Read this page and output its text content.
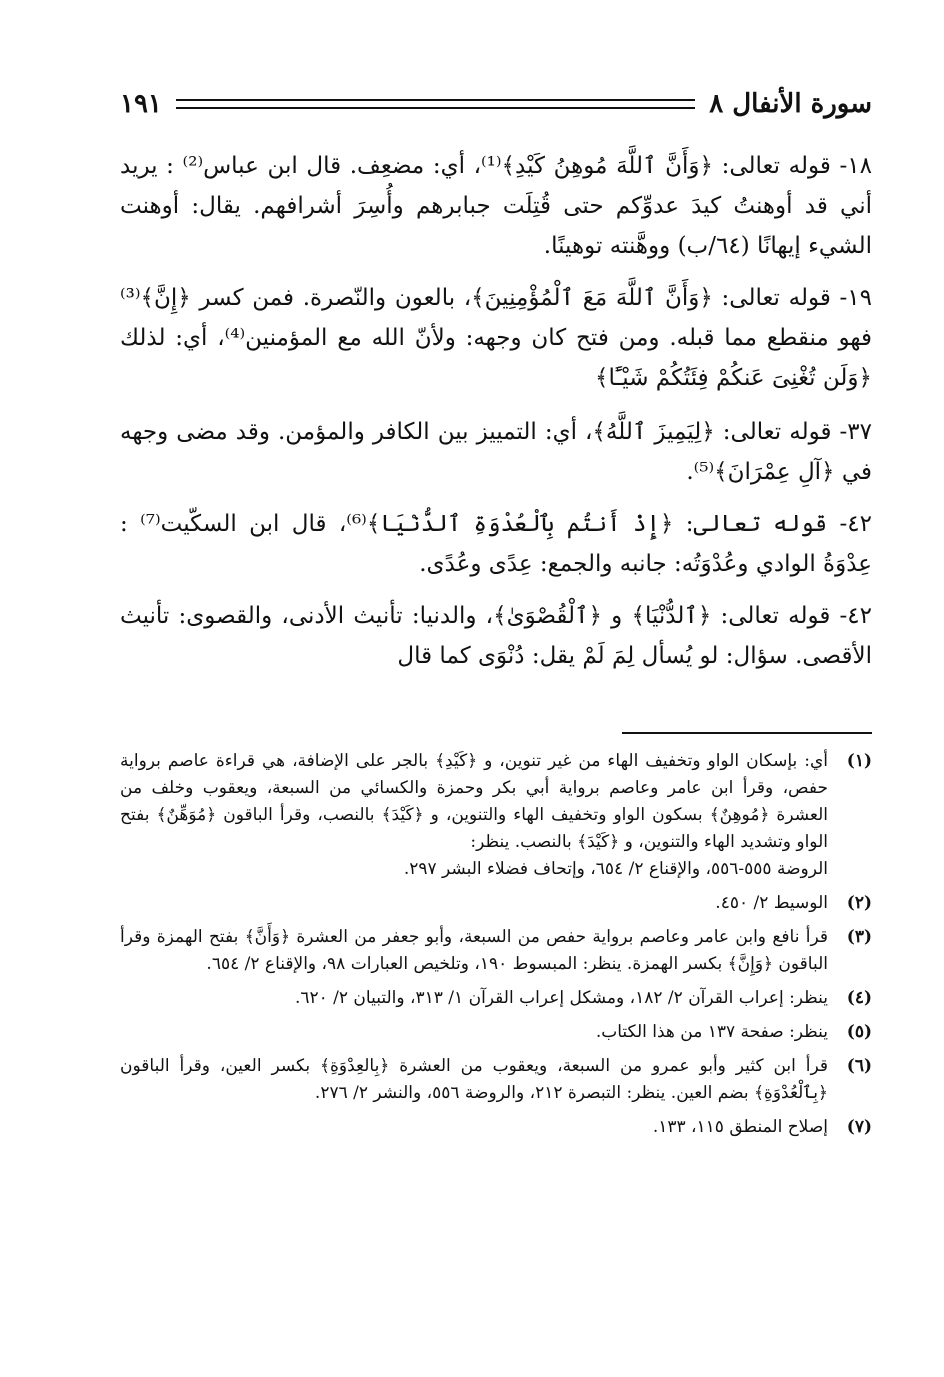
سورة الأنفال ٨
١٩١

١٨- قوله تعالى: ﴿وَأَنَّ ٱللَّهَ مُوهِنُ كَيْدِ﴾⁽¹⁾، أي: مضعِف. قال ابن عباس⁽²⁾ : يريد أني قد أوهنتُ كيدَ عدوِّكم حتى قُتِلَت جبابرهم وأُسِرَ أشرافهم. يقال: أوهنت الشيء إيهانًا (٦٤/ب) ووهَّنته توهينًا.

١٩- قوله تعالى: ﴿وَأَنَّ ٱللَّهَ مَعَ ٱلْمُؤْمِنِينَ﴾، بالعون والنّصرة. فمن كسر ﴿إِنَّ﴾⁽³⁾ فهو منقطع مما قبله. ومن فتح كان وجهه: ولأنّ الله مع المؤمنين⁽⁴⁾، أي: لذلك ﴿وَلَن تُغْنِىَ عَنكُمْ فِئَتُكُمْ شَيْـًٔا﴾

٣٧- قوله تعالى: ﴿لِيَمِيزَ ٱللَّهُ﴾، أي: التمييز بين الكافر والمؤمن. وقد مضى وجهه في ﴿آلِ عِمْرَانَ﴾⁽⁵⁾.

٤٢- قوله تعالى: ﴿إِذْ أَنتُم بِٱلْعُدْوَةِ ٱلدُّنْيَا﴾⁽⁶⁾، قال ابن السكّيت⁽⁷⁾ : عِدْوَةُ الوادي وعُدْوَتُه: جانبه والجمع: عِدًى وعُدًى.

٤٢- قوله تعالى: ﴿ٱلدُّنْيَا﴾ و ﴿ٱلْقُصْوَىٰ﴾، والدنيا: تأنيث الأدنى، والقصوى: تأنيث الأقصى. سؤال: لو يُسأل لِمَ لَمْ يقل: دُنْوَى كما قال

(١)
أي: بإسكان الواو وتخفيف الهاء من غير تنوين، و ﴿كَيْدِ﴾ بالجر على الإضافة، هي قراءة عاصم برواية حفص، وقرأ ابن عامر وعاصم برواية أبي بكر وحمزة والكسائي من السبعة، ويعقوب وخلف من العشرة ﴿مُوهِنٌ﴾ بسكون الواو وتخفيف الهاء والتنوين، و ﴿كَيْدَ﴾ بالنصب، وقرأ الباقون ﴿مُوَهِّنٌ﴾ بفتح الواو وتشديد الهاء والتنوين، و ﴿كَيْدَ﴾ بالنصب. ينظر:
الروضة ٥٥٥-٥٥٦، والإقناع ٢/ ٦٥٤، وإتحاف فضلاء البشر ٢٩٧.
(٢)
الوسيط ٢/ ٤٥٠.
(٣)
قرأ نافع وابن عامر وعاصم برواية حفص من السبعة، وأبو جعفر من العشرة ﴿وَأَنَّ﴾ بفتح الهمزة وقرأ الباقون ﴿وَإِنَّ﴾ بكسر الهمزة. ينظر: المبسوط ١٩٠، وتلخيص العبارات ٩٨، والإقناع ٢/ ٦٥٤.
(٤)
ينظر: إعراب القرآن ٢/ ١٨٢، ومشكل إعراب القرآن ١/ ٣١٣، والتبيان ٢/ ٦٢٠.
(٥)
ينظر: صفحة ١٣٧ من هذا الكتاب.
(٦)
قرأ ابن كثير وأبو عمرو من السبعة، ويعقوب من العشرة ﴿بِالعِدْوَةِ﴾ بكسر العين، وقرأ الباقون ﴿بِٱلْعُدْوَةِ﴾ بضم العين. ينظر: التبصرة ٢١٢، والروضة ٥٥٦، والنشر ٢/ ٢٧٦.
(٧)
إصلاح المنطق ١١٥، ١٣٣.
